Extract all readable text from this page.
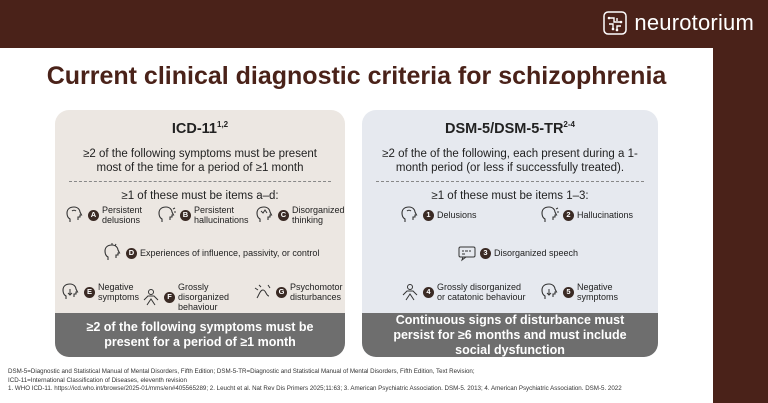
neurotorium
Current clinical diagnostic criteria for schizophrenia
ICD-$11^{1,2}$
≥2 of the following symptoms must be present most of the time for a period of ≥1 month
≥1 of these must be items a–d:
A Persistent delusions
B Persistent hallucinations
C Disorganized thinking
D Experiences of influence, passivity, or control
E Negative symptoms	F
Grossly disorganized behaviour
G Psychomotor disturbances
≥2 of the following symptoms must be present for a period of ≥1 month
DSM-$5/DSM-5-TR^{2-4}$
≥2 of the of the following, each present during a 1-month period (or less if successfully treated).
≥1 of these must be items 1–3:
1 Delusions	2 Hallucinations
3 Disorganized speech
4 Grossly disorganized or catatonic behaviour
5 Negative symptoms
Continuous signs of disturbance must persist for ≥6 months and must include social dysfunction
DSM-5=Diagnostic and Statistical Manual of Mental Disorders, Fifth Edition; DSM-5-TR=Diagnostic and Statistical Manual of Mental Disorders, Fifth Edition, Text Revision;
ICD-11=International Classification of Diseases, eleventh revision
1. WHO ICD-11. https://icd.who.int/browse/2025-01/mms/en#405565289; 2. Leucht et al. Nat Rev Dis Primers 2025;11:63; 3. American Psychiatric Association. DSM-5. 2013; 4. American Psychiatric Association. DSM-5. 2022
